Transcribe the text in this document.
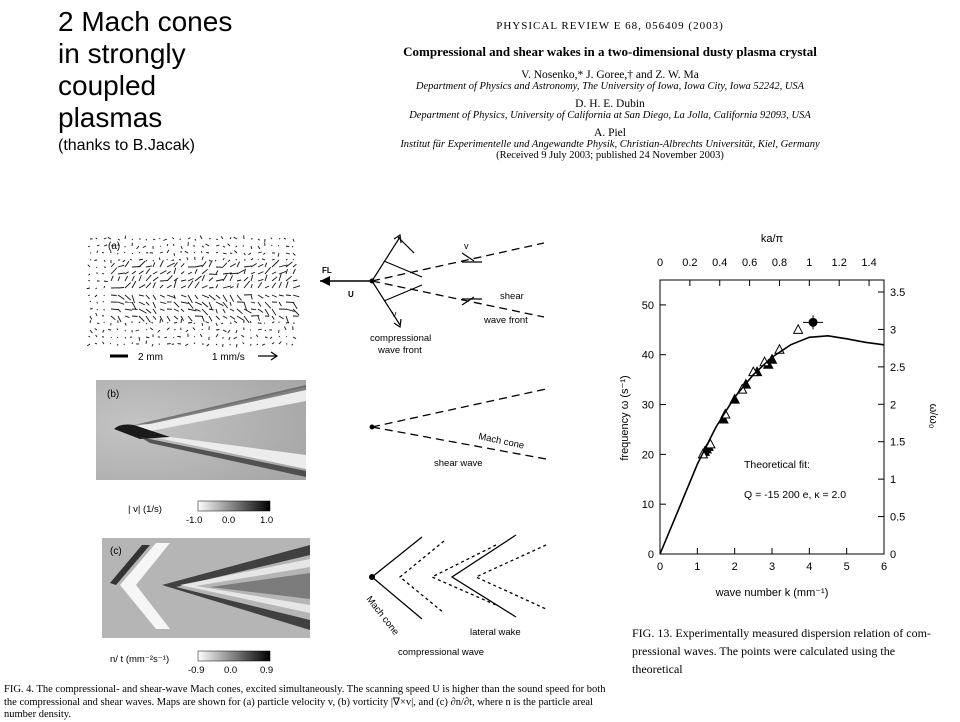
2 Mach cones
in strongly
coupled
plasmas
(thanks to B.Jacak)
PHYSICAL REVIEW E 68, 056409 (2003)
Compressional and shear wakes in a two-dimensional dusty plasma crystal
V. Nosenko,* J. Goree,† and Z. W. Ma
Department of Physics and Astronomy, The University of Iowa, Iowa City, Iowa 52242, USA
D. H. E. Dubin
Department of Physics, University of California at San Diego, La Jolla, California 92093, USA
A. Piel
Institut für Experimentelle und Angewandte Physik, Christian-Albrechts Universität, Kiel, Germany
(Received 9 July 2003; published 24 November 2003)
(a)
2 mm	1 mm/s
(b)
| v| (1/s)
-1.0 0.0	1.0
(c)
n/ t (mm⁻²s⁻¹)
-0.9 0.0 0.9
v
FL
U	shear
wave front
v
compressional
wave front
Mach cone
shear wave
Mach cone	lateral wake
compressional wave
FIG. 4. The compressional- and shear-wave Mach cones, excited simultaneously. The scanning speed U is higher than the sound speed for both the compressional and shear waves. Maps are shown for (a) particle velocity v, (b) vorticity |∇×v|, and (c) ∂n/∂t, where n is the particle areal number density.
0	1	2	3	4	5	6
0
10
20
30
40
50
0 0.2 0.4 0.6 0.8 1 1.2 1.4
0
0.5
1
1.5
2
2.5
3
3.5
ka/π
wave number k (mm⁻¹)
frequency ω (s⁻¹)	ω/ω₀
Theoretical fit:
Q = -15 200 e, κ = 2.0
FIG. 13. Experimentally measured dispersion relation of com-pressional waves. The points were calculated using the theoretical
